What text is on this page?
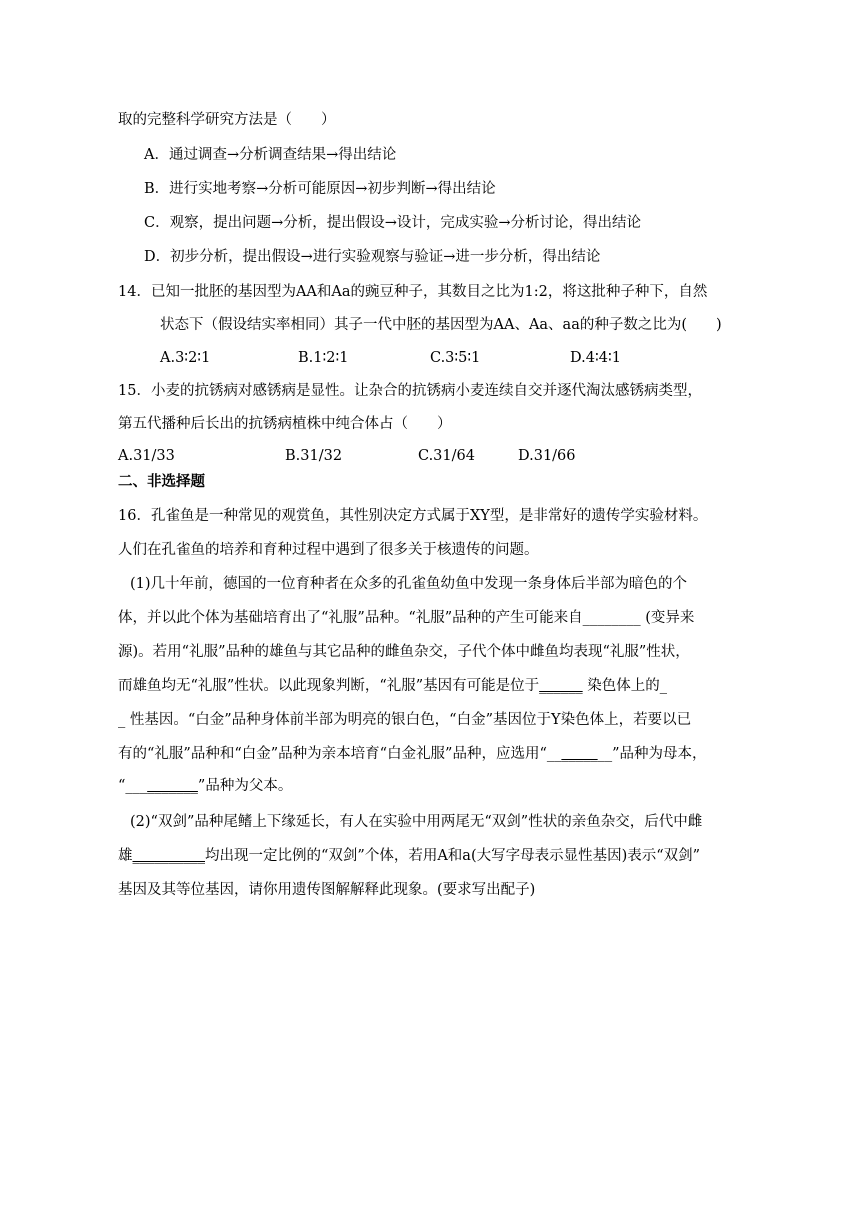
取的完整科学研究方法是（　　）
A．通过调查→分析调查结果→得出结论
B．进行实地考察→分析可能原因→初步判断→得出结论
C．观察，提出问题→分析，提出假设→设计，完成实验→分析讨论，得出结论
D．初步分析，提出假设→进行实验观察与验证→进一步分析，得出结论
14．已知一批胚的基因型为AA和Aa的豌豆种子，其数目之比为1:2，将这批种子种下，自然
状态下（假设结实率相同）其子一代中胚的基因型为AA、Aa、aa的种子数之比为(　　)
A.3∶2∶1	B.1∶2∶1	C.3∶5∶1	D.4∶4∶1
15．小麦的抗锈病对感锈病是显性。让杂合的抗锈病小麦连续自交并逐代淘汰感锈病类型，
第五代播种后长出的抗锈病植株中纯合体占（　　）
A.31/33	B.31/32	C.31/64	D.31/66
二、非选择题
16．孔雀鱼是一种常见的观赏鱼，其性别决定方式属于XY型，是非常好的遗传学实验材料。
人们在孔雀鱼的培养和育种过程中遇到了很多关于核遗传的问题。
(1)几十年前，德国的一位育种者在众多的孔雀鱼幼鱼中发现一条身体后半部为暗色的个
体，并以此个体为基础培育出了“礼服”品种。“礼服”品种的产生可能来自________ (变异来
源)。若用“礼服”品种的雄鱼与其它品种的雌鱼杂交，子代个体中雌鱼均表现“礼服”性状，
而雄鱼均无“礼服”性状。以此现象判断，“礼服”基因有可能是位于______ 染色体上的_
_ 性基因。“白金”品种身体前半部为明亮的银白色，“白金”基因位于Y染色体上，若要以已
有的“礼服”品种和“白金”品种为亲本培育“白金礼服”品种，应选用“_________”品种为母本，
“__________”品种为父本。
(2)“双剑”品种尾鳍上下缘延长，有人在实验中用两尾无“双剑”性状的亲鱼杂交，后代中雌
雄__________均出现一定比例的“双剑”个体，若用A和a(大写字母表示显性基因)表示“双剑”
基因及其等位基因，请你用遗传图解解释此现象。(要求写出配子)
